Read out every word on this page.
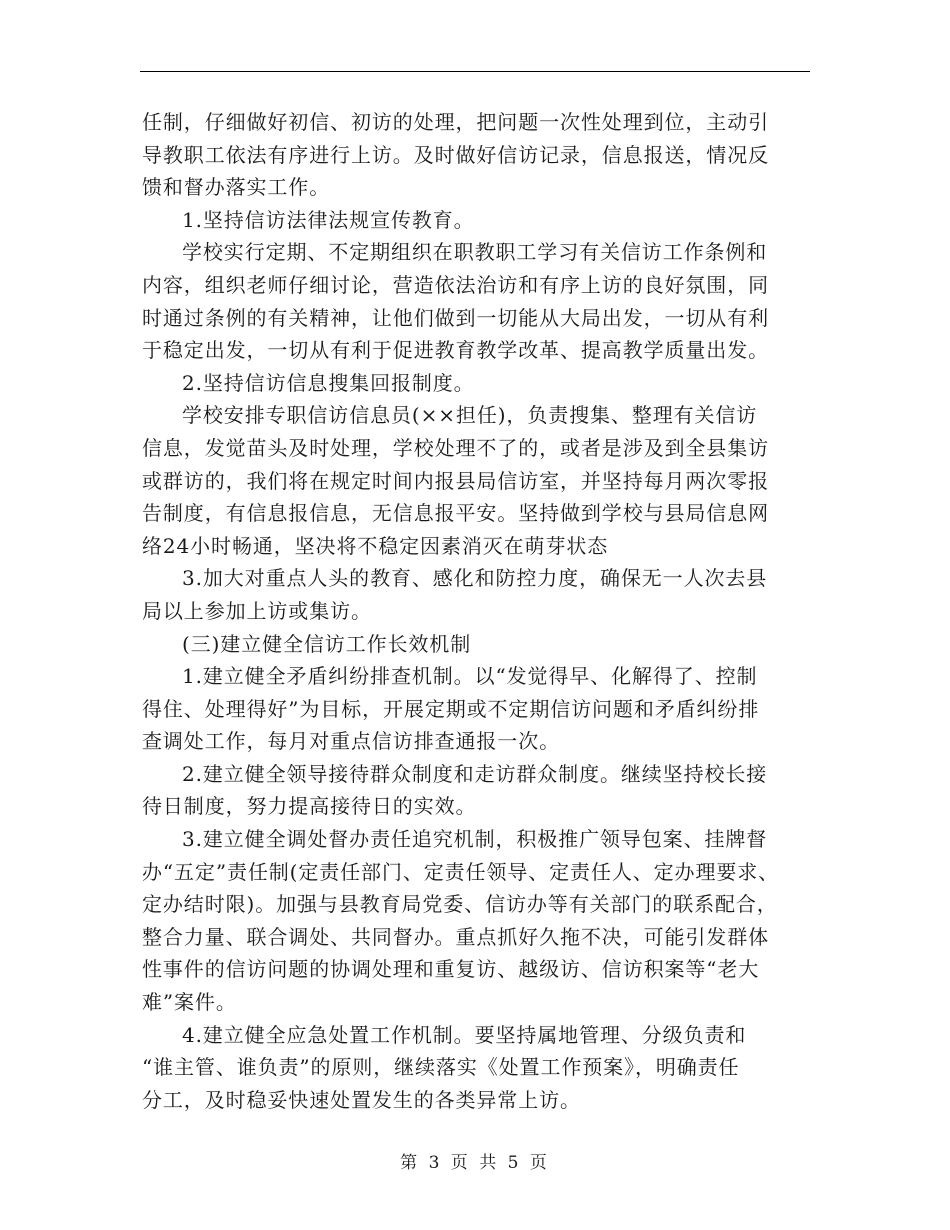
任制，仔细做好初信、初访的处理，把问题一次性处理到位，主动引
导教职工依法有序进行上访。及时做好信访记录，信息报送，情况反
馈和督办落实工作。
1.坚持信访法律法规宣传教育。
学校实行定期、不定期组织在职教职工学习有关信访工作条例和
内容，组织老师仔细讨论，营造依法治访和有序上访的良好氛围，同
时通过条例的有关精神，让他们做到一切能从大局出发，一切从有利
于稳定出发，一切从有利于促进教育教学改革、提高教学质量出发。
2.坚持信访信息搜集回报制度。
学校安排专职信访信息员(××担任)，负责搜集、整理有关信访
信息，发觉苗头及时处理，学校处理不了的，或者是涉及到全县集访
或群访的，我们将在规定时间内报县局信访室，并坚持每月两次零报
告制度，有信息报信息，无信息报平安。坚持做到学校与县局信息网
络24小时畅通，坚决将不稳定因素消灭在萌芽状态
3.加大对重点人头的教育、感化和防控力度，确保无一人次去县
局以上参加上访或集访。
(三)建立健全信访工作长效机制
1.建立健全矛盾纠纷排查机制。以“发觉得早、化解得了、控制
得住、处理得好”为目标，开展定期或不定期信访问题和矛盾纠纷排
查调处工作，每月对重点信访排查通报一次。
2.建立健全领导接待群众制度和走访群众制度。继续坚持校长接
待日制度，努力提高接待日的实效。
3.建立健全调处督办责任追究机制，积极推广领导包案、挂牌督
办“五定”责任制(定责任部门、定责任领导、定责任人、定办理要求、
定办结时限)。加强与县教育局党委、信访办等有关部门的联系配合，
整合力量、联合调处、共同督办。重点抓好久拖不决，可能引发群体
性事件的信访问题的协调处理和重复访、越级访、信访积案等“老大
难”案件。
4.建立健全应急处置工作机制。要坚持属地管理、分级负责和
“谁主管、谁负责”的原则，继续落实《处置工作预案》，明确责任
分工，及时稳妥快速处置发生的各类异常上访。
第 3 页 共 5 页
